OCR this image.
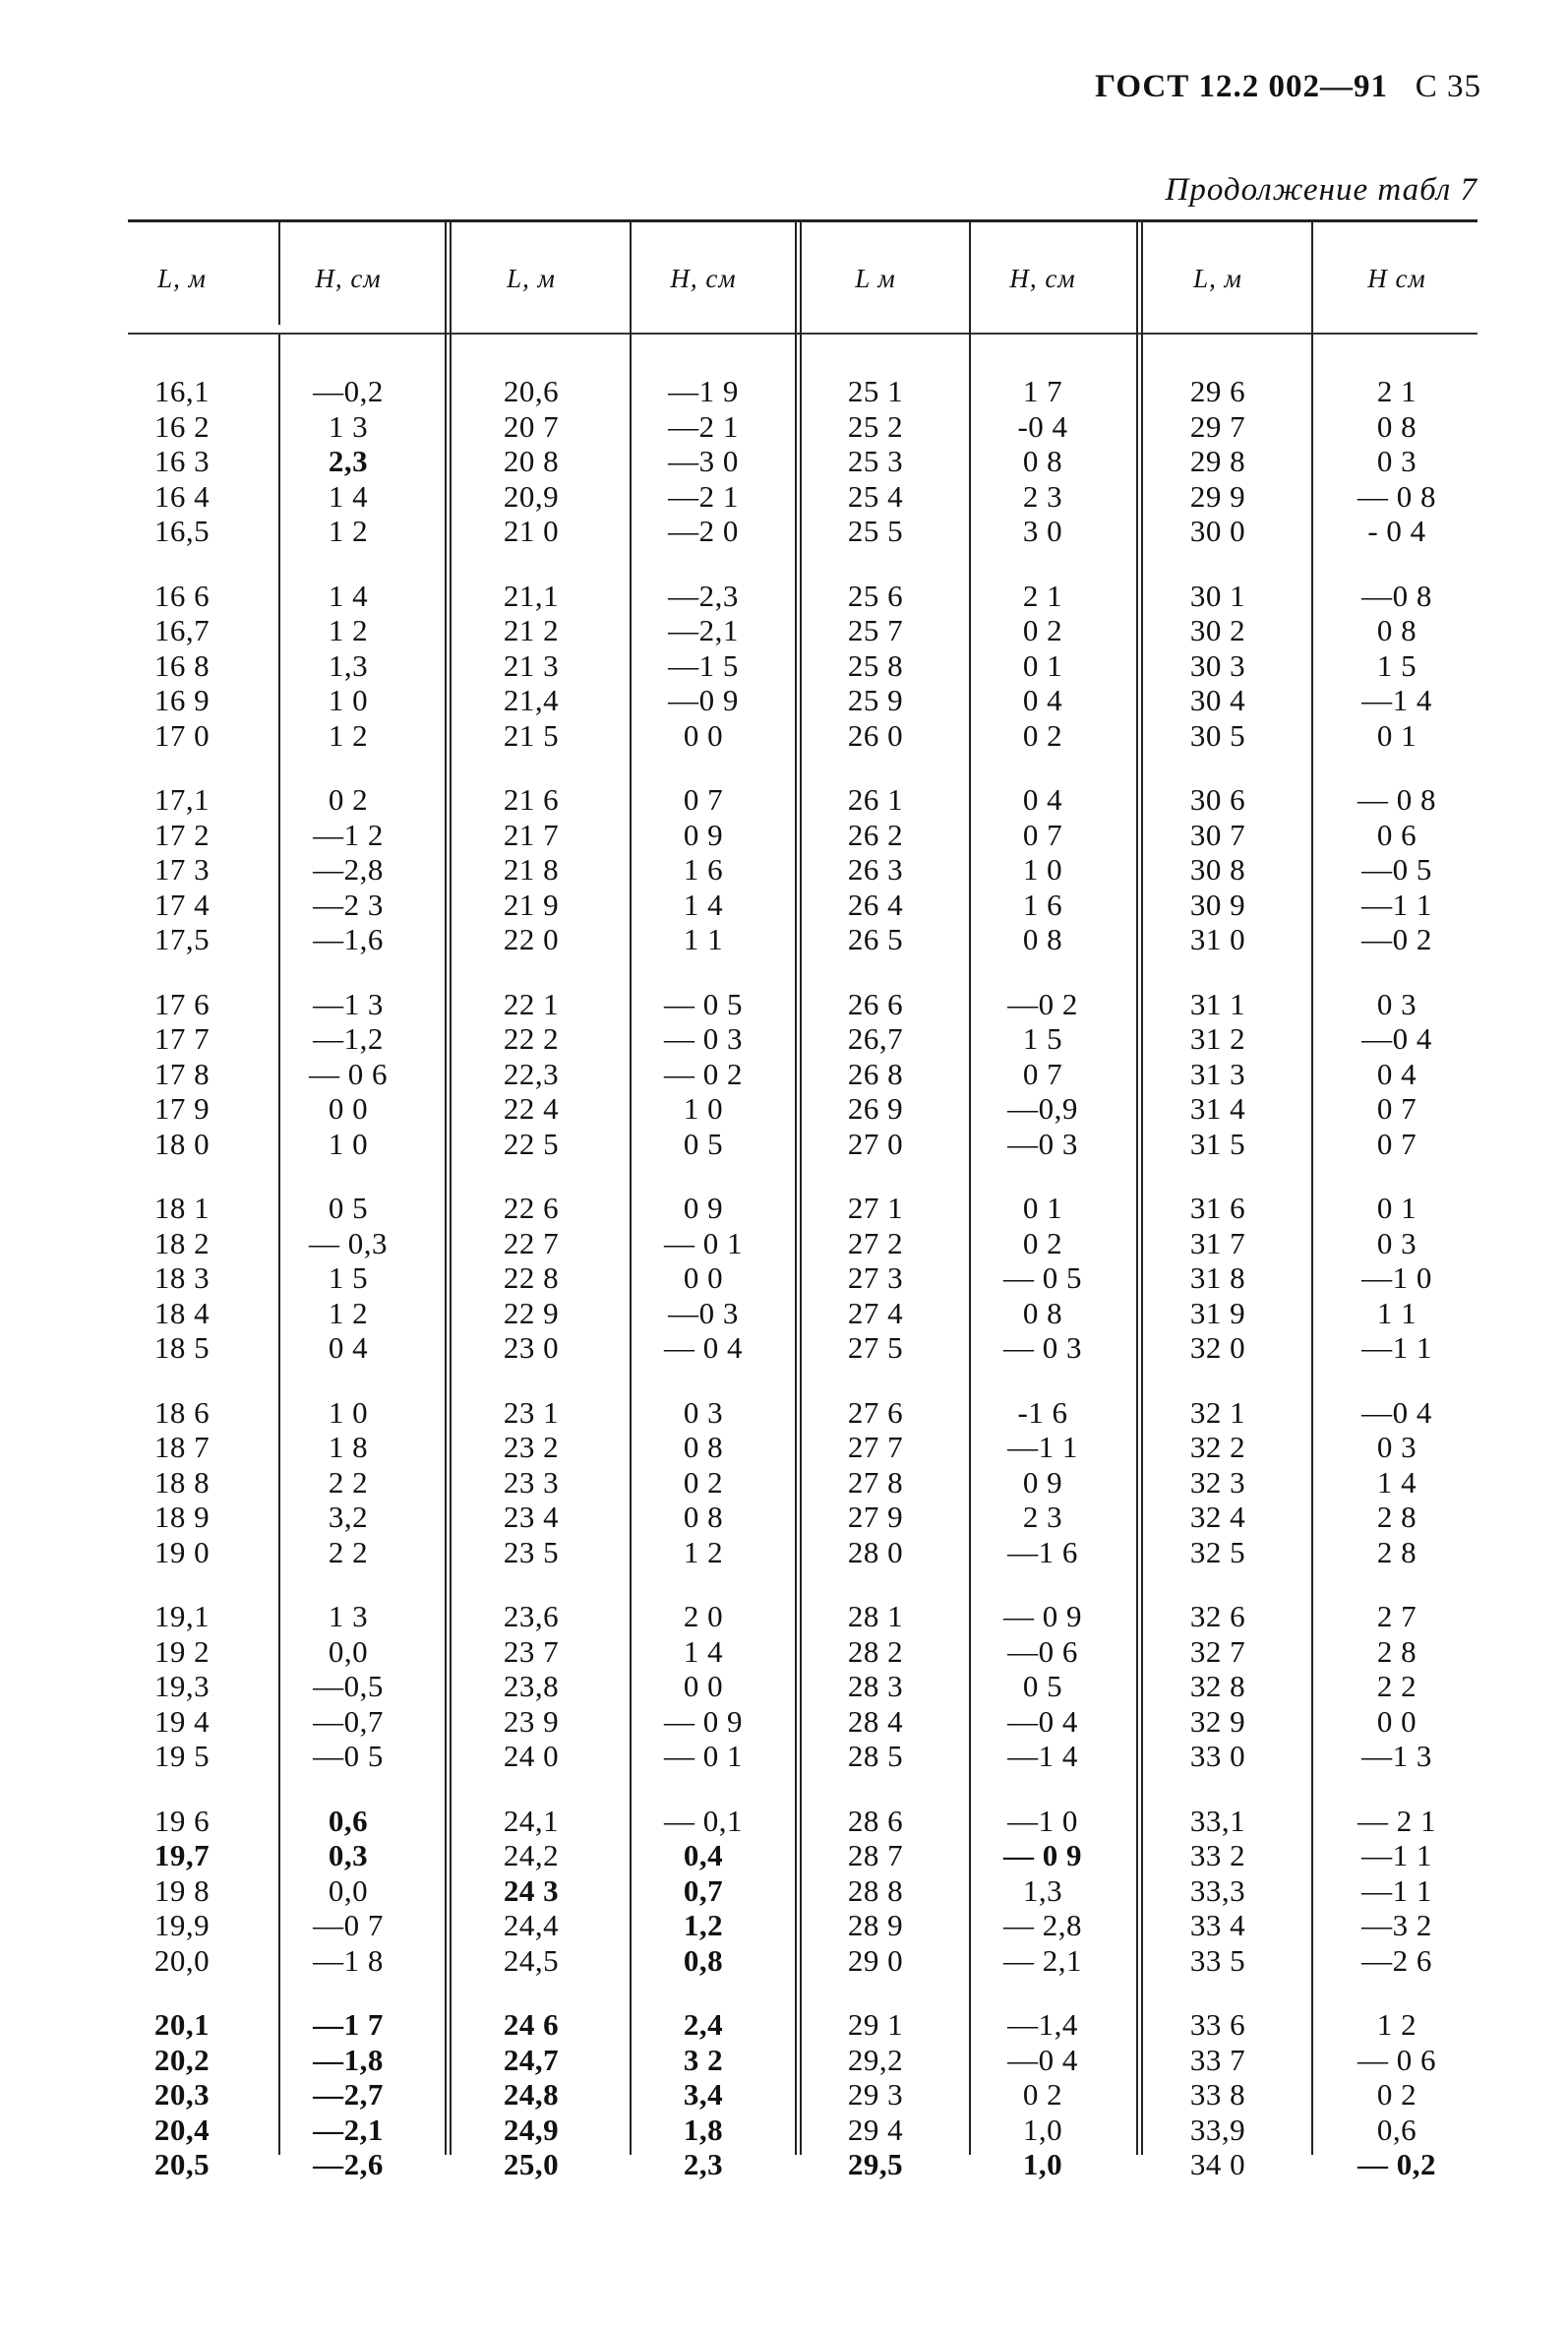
ГОСТ 12.2 002—91 С 35
Продолжение табл 7
L, м	H, см	L, м	H, см	L м	H, см	L, м	H см
16,1	—0,2	20,6	—1 9	25 1	1 7	29 6	2 1
16 2	1 3	20 7	—2 1	25 2	-0 4	29 7	0 8
16 3	2,3	20 8	—3 0	25 3	0 8	29 8	0 3
16 4	1 4	20,9	—2 1	25 4	2 3	29 9	— 0 8
16,5	1 2	21 0	—2 0	25 5	3 0	30 0	- 0 4
16 6	1 4	21,1	—2,3	25 6	2 1	30 1	—0 8
16,7	1 2	21 2	—2,1	25 7	0 2	30 2	0 8
16 8	1,3	21 3	—1 5	25 8	0 1	30 3	1 5
16 9	1 0	21,4	—0 9	25 9	0 4	30 4	—1 4
17 0	1 2	21 5	0 0	26 0	0 2	30 5	0 1
17,1	0 2	21 6	0 7	26 1	0 4	30 6	— 0 8
17 2	—1 2	21 7	0 9	26 2	0 7	30 7	0 6
17 3	—2,8	21 8	1 6	26 3	1 0	30 8	—0 5
17 4	—2 3	21 9	1 4	26 4	1 6	30 9	—1 1
17,5	—1,6	22 0	1 1	26 5	0 8	31 0	—0 2
17 6	—1 3	22 1	— 0 5	26 6	—0 2	31 1	0 3
17 7	—1,2	22 2	— 0 3	26,7	1 5	31 2	—0 4
17 8	— 0 6	22,3	— 0 2	26 8	0 7	31 3	0 4
17 9	0 0	22 4	1 0	26 9	—0,9	31 4	0 7
18 0	1 0	22 5	0 5	27 0	—0 3	31 5	0 7
18 1	0 5	22 6	0 9	27 1	0 1	31 6	0 1
18 2	— 0,3	22 7	— 0 1	27 2	0 2	31 7	0 3
18 3	1 5	22 8	0 0	27 3	— 0 5	31 8	—1 0
18 4	1 2	22 9	—0 3	27 4	0 8	31 9	1 1
18 5	0 4	23 0	— 0 4	27 5	— 0 3	32 0	—1 1
18 6	1 0	23 1	0 3	27 6	-1 6	32 1	—0 4
18 7	1 8	23 2	0 8	27 7	—1 1	32 2	0 3
18 8	2 2	23 3	0 2	27 8	0 9	32 3	1 4
18 9	3,2	23 4	0 8	27 9	2 3	32 4	2 8
19 0	2 2	23 5	1 2	28 0	—1 6	32 5	2 8
19,1	1 3	23,6	2 0	28 1	— 0 9	32 6	2 7
19 2	0,0	23 7	1 4	28 2	—0 6	32 7	2 8
19,3	—0,5	23,8	0 0	28 3	0 5	32 8	2 2
19 4	—0,7	23 9	— 0 9	28 4	—0 4	32 9	0 0
19 5	—0 5	24 0	— 0 1	28 5	—1 4	33 0	—1 3
19 6	0,6	24,1	— 0,1	28 6	—1 0	33,1	— 2 1
19,7	0,3	24,2	0,4	28 7	— 0 9	33 2	—1 1
19 8	0,0	24 3	0,7	28 8	1,3	33,3	—1 1
19,9	—0 7	24,4	1,2	28 9	— 2,8	33 4	—3 2
20,0	—1 8	24,5	0,8	29 0	— 2,1	33 5	—2 6
20,1	—1 7	24 6	2,4	29 1	—1,4	33 6	1 2
20,2	—1,8	24,7	3 2	29,2	—0 4	33 7	— 0 6
20,3	—2,7	24,8	3,4	29 3	0 2	33 8	0 2
20,4	—2,1	24,9	1,8	29 4	1,0	33,9	0,6
20,5	—2,6	25,0	2,3	29,5	1,0	34 0	— 0,2
